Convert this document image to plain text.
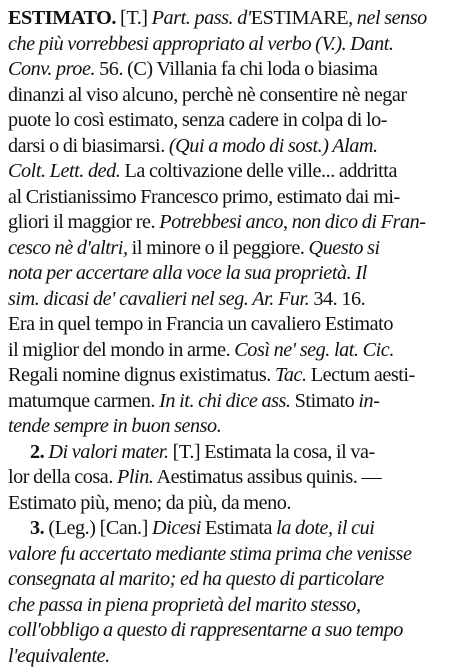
ESTIMATO. [T.] Part. pass. d'ESTIMARE, nel senso
che più vorrebbesi appropriato al verbo (V.). Dant.
Conv. proe. 56. (C) Villania fa chi loda o biasima
dinanzi al viso alcuno, perchè nè consentire nè negar
puote lo così estimato, senza cadere in colpa di lo-
darsi o di biasimarsi. (Qui a modo di sost.) Alam.
Colt. Lett. ded. La coltivazione delle ville... addritta
al Cristianissimo Francesco primo, estimato dai mi-
gliori il maggior re. Potrebbesi anco, non dico di Fran-
cesco nè d'altri, il minore o il peggiore. Questo si
nota per accertare alla voce la sua proprietà. Il
sim. dicasi de' cavalieri nel seg. Ar. Fur. 34. 16.
Era in quel tempo in Francia un cavaliero Estimato
il miglior del mondo in arme. Così ne' seg. lat. Cic.
Regali nomine dignus existimatus. Tac. Lectum aesti-
matumque carmen. In it. chi dice ass. Stimato in-
tende sempre in buon senso.
2. Di valori mater. [T.] Estimata la cosa, il va-
lor della cosa. Plin. Aestimatus assibus quinis. —
Estimato più, meno; da più, da meno.
3. (Leg.) [Can.] Dicesi Estimata la dote, il cui
valore fu accertato mediante stima prima che venisse
consegnata al marito; ed ha questo di particolare
che passa in piena proprietà del marito stesso,
coll'obbligo a questo di rappresentarne a suo tempo
l'equivalente.
